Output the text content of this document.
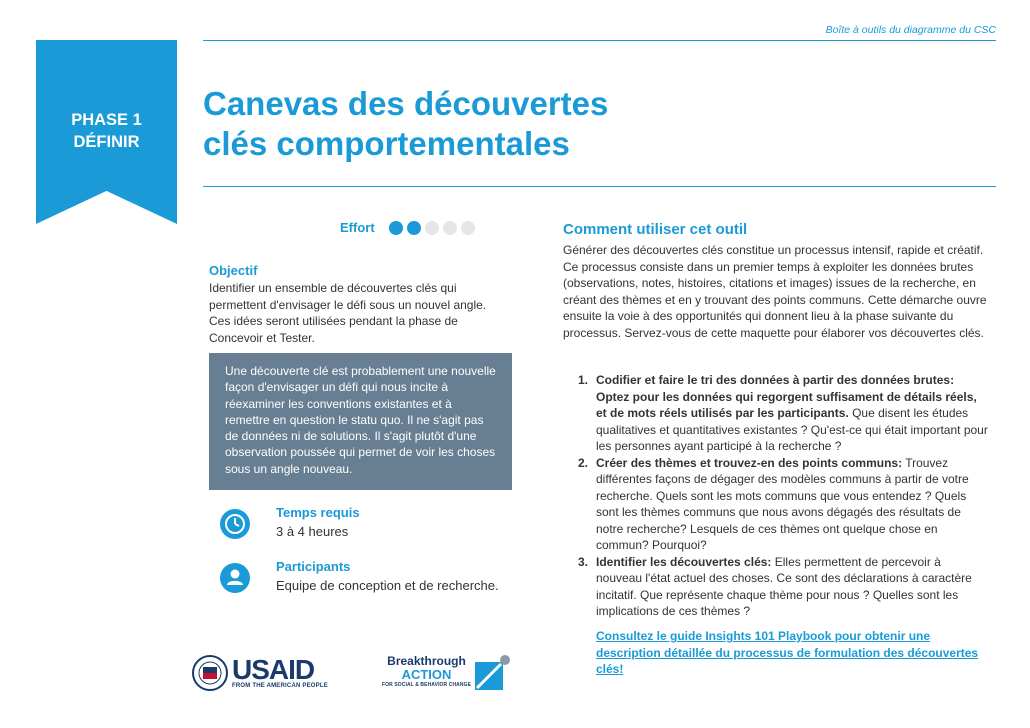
Boîte à outils du diagramme du CSC
PHASE 1
DÉFINIR
Canevas des découvertes
clés comportementales
Effort

Objectif

Identifier un ensemble de découvertes clés qui permettent d'envisager le défi sous un nouvel angle. Ces idées seront utilisées pendant la phase de Concevoir et Tester.

Une découverte clé est probablement une nouvelle façon d'envisager un défi qui nous incite à réexaminer les conventions existantes et à remettre en question le statu quo. Il ne s'agit pas de données ni de solutions. Il s'agit plutôt d'une observation poussée qui permet de voir les choses sous un angle nouveau.

Temps requis

3 à 4 heures

Participants

Equipe de conception et de recherche.

Comment utiliser cet outil

Générer des découvertes clés constitue un processus intensif, rapide et créatif. Ce processus consiste dans un premier temps à exploiter les données brutes (observations, notes, histoires, citations et images) issues de la recherche, en créant des thèmes et en y trouvant des points communs. Cette démarche ouvre ensuite la voie à des opportunités qui donnent lieu à la phase suivante du processus. Servez-vous de cette maquette pour élaborer vos découvertes clés.

1. Codifier et faire le tri des données à partir des données brutes: Optez pour les données qui regorgent suffisament de détails réels, et de mots réels utilisés par les participants. Que disent les études qualitatives et quantitatives existantes ? Qu'est-ce qui était important pour les personnes ayant participé à la recherche ?
2. Créer des thèmes et trouvez-en des points communs: Trouvez différentes façons de dégager des modèles communs à partir de votre recherche. Quels sont les mots communs que vous entendez ? Quels sont les thèmes communs que nous avons dégagés des résultats de notre recherche? Lesquels de ces thèmes ont quelque chose en commun? Pourquoi?
3. Identifier les découvertes clés: Elles permettent de percevoir à nouveau l'état actuel des choses. Ce sont des déclarations à caractère incitatif. Que représente chaque thème pour nous ? Quelles sont les implications de ces thèmes ?
Consultez le guide Insights 101 Playbook pour obtenir une description détaillée du processus de formulation des découvertes clés!
USAID
FROM THE AMERICAN PEOPLE
Breakthrough
ACTION
FOR SOCIAL & BEHAVIOR CHANGE
